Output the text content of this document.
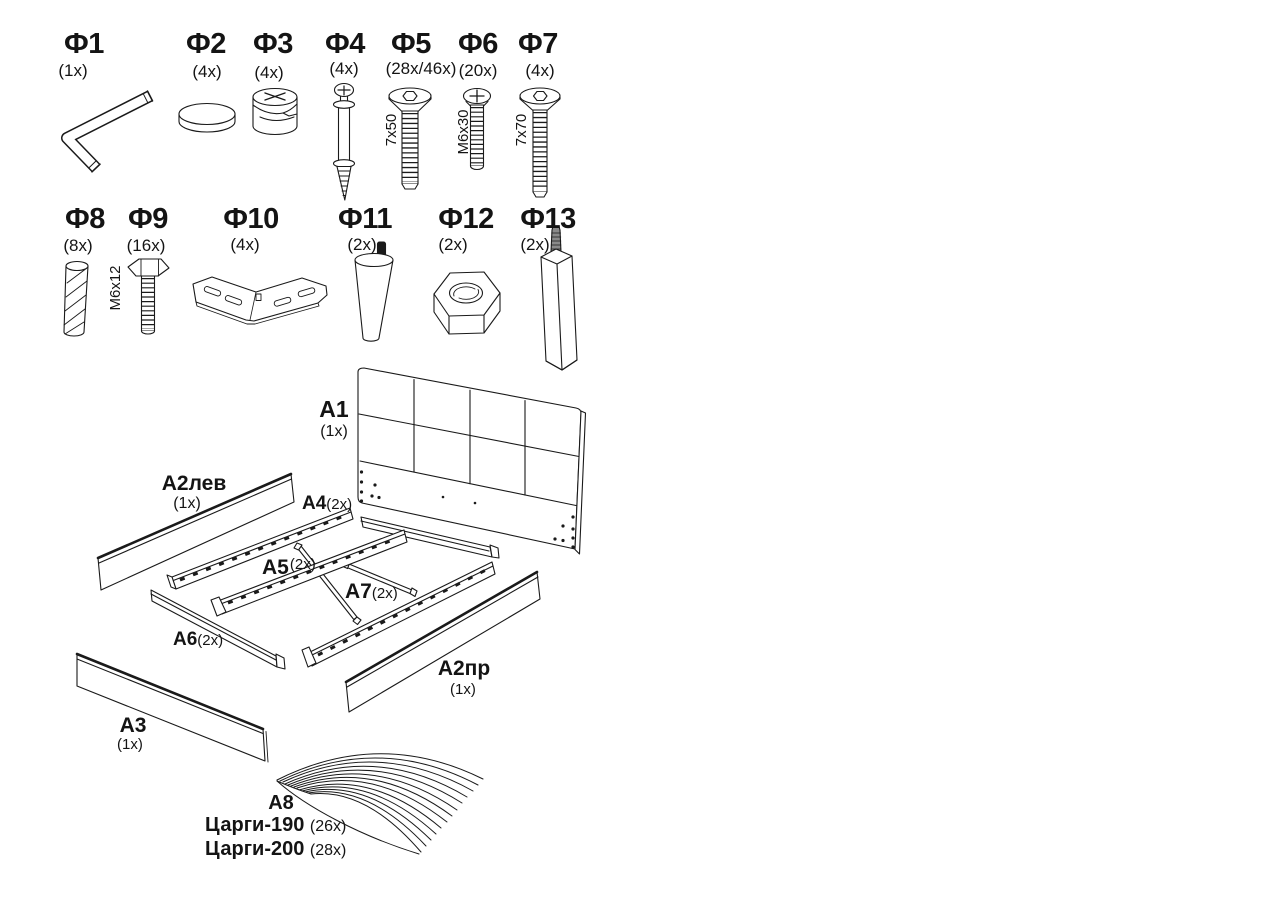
Ф1
(1x)
Ф2
(4x)
Ф3
(4x)
Ф4
(4x)
Ф5
(28x/46x)
7x50
Ф6
(20x)
M6x30
Ф7
(4x)
7x70
Ф8
(8x)
Ф9
(16x)
M6x12
Ф10
(4x)
Ф11
(2x)
Ф12
(2x)
Ф13
(2x)
A1
(1x)
А2лев
(1x)	A4(2x)
A5(2x)
A7(2x)
A6(2x)
А2пр
(1x)
A3
(1x)
A8
Царги-190 (26x)
Царги-200 (28x)
